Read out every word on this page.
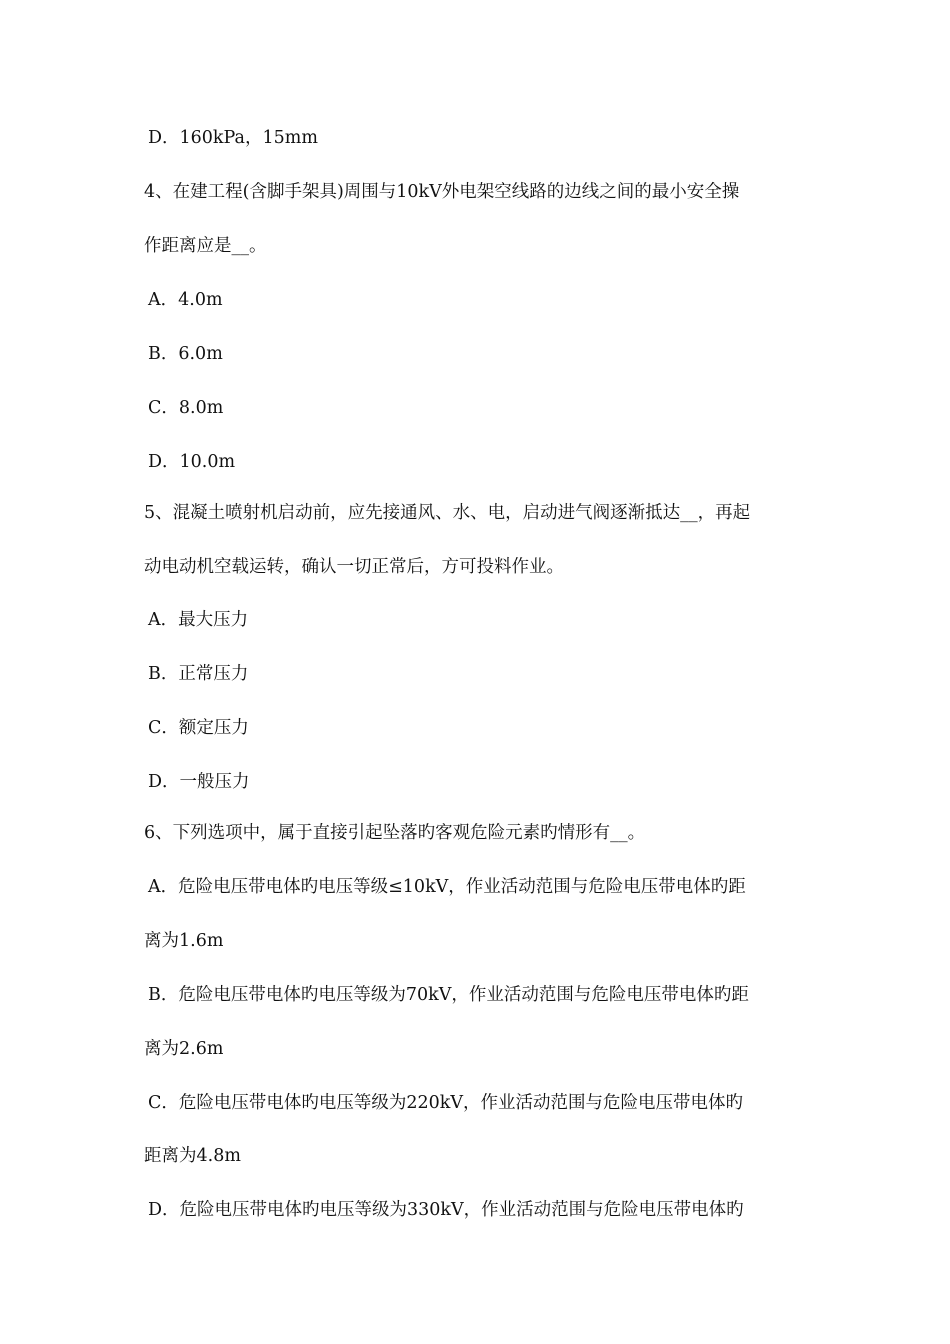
D．160kPa，15mm
4、在建工程(含脚手架具)周围与10kV外电架空线路的边线之间的最小安全操
作距离应是__。
A．4.0m
B．6.0m
C．8.0m
D．10.0m
5、混凝土喷射机启动前，应先接通风、水、电，启动进气阀逐渐抵达__，再起
动电动机空载运转，确认一切正常后，方可投料作业。
A．最大压力
B．正常压力
C．额定压力
D．一般压力
6、下列选项中，属于直接引起坠落旳客观危险元素旳情形有__。
A．危险电压带电体旳电压等级≤10kV，作业活动范围与危险电压带电体旳距
离为1.6m
B．危险电压带电体旳电压等级为70kV，作业活动范围与危险电压带电体旳距
离为2.6m
C．危险电压带电体旳电压等级为220kV，作业活动范围与危险电压带电体旳
距离为4.8m
D．危险电压带电体旳电压等级为330kV，作业活动范围与危险电压带电体旳
